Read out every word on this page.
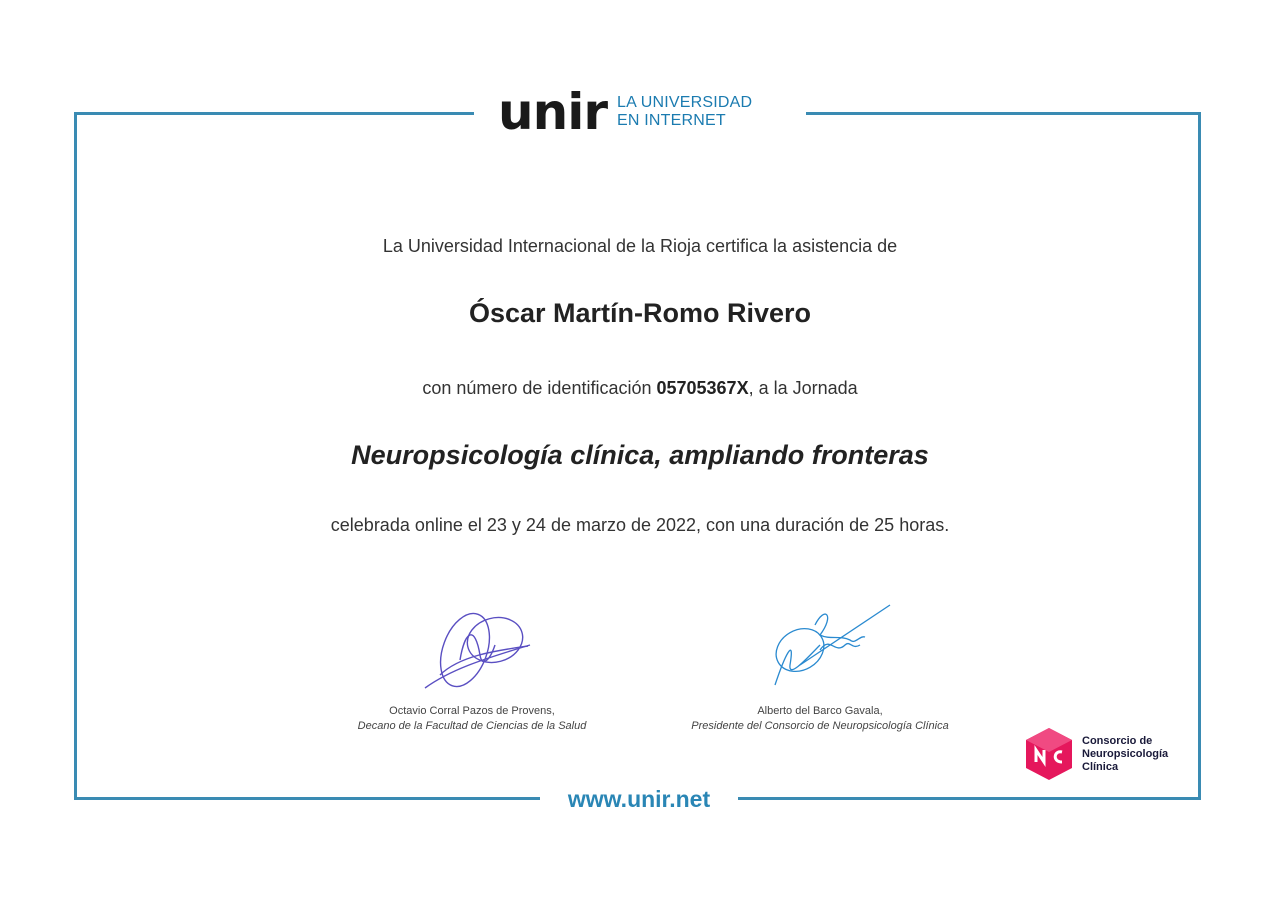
unir LA UNIVERSIDAD
EN INTERNET
La Universidad Internacional de la Rioja certifica la asistencia de
Óscar Martín-Romo Rivero
con número de identificación 05705367X, a la Jornada
Neuropsicología clínica, ampliando fronteras
celebrada online el 23 y 24 de marzo de 2022, con una duración de 25 horas.
Octavio Corral Pazos de Provens,
Decano de la Facultad de Ciencias de la Salud
Alberto del Barco Gavala,
Presidente del Consorcio de Neuropsicología Clínica
Consorcio de
Neuropsicología
Clínica
www.unir.net
